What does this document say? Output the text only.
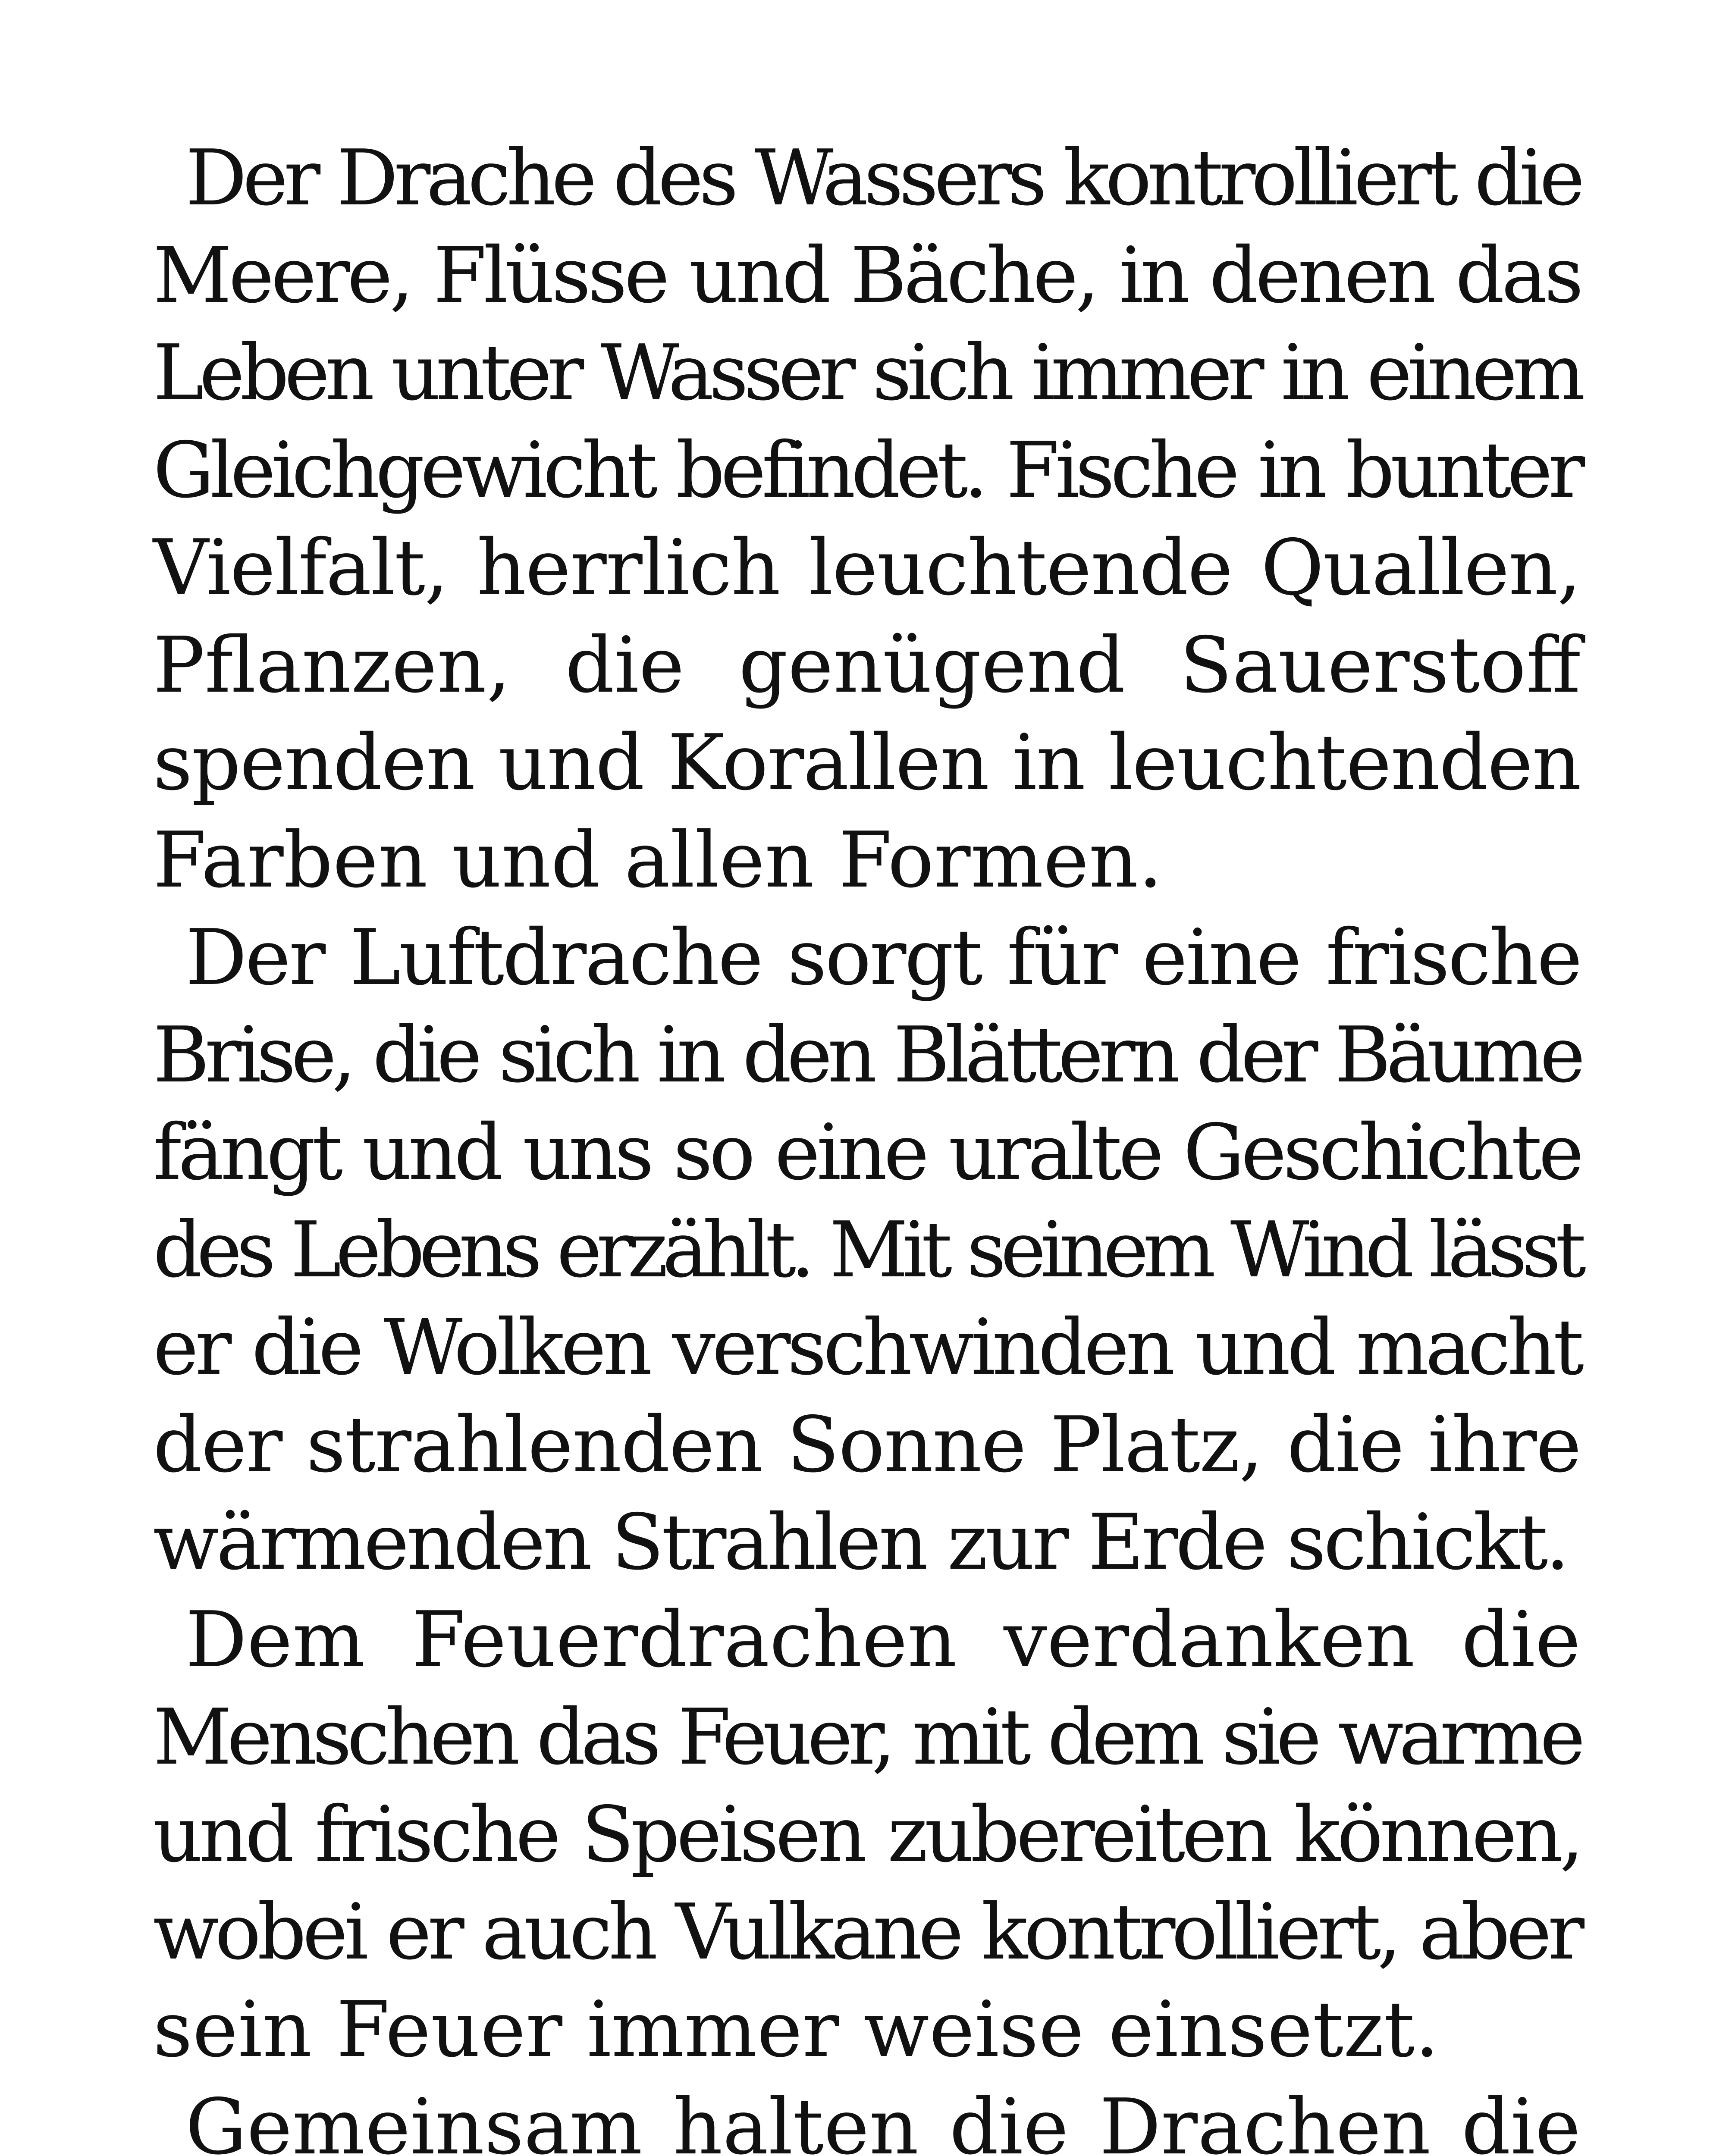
Der Drache des Wassers kontrolliert die
Meere, Flüsse und Bäche, in denen das
Leben unter Wasser sich immer in einem
Gleichgewicht befindet. Fische in bunter
Vielfalt, herrlich leuchtende Quallen,
Pflanzen, die genügend Sauerstoff
spenden und Korallen in leuchtenden
Farben und allen Formen.
Der Luftdrache sorgt für eine frische
Brise, die sich in den Blättern der Bäume
fängt und uns so eine uralte Geschichte
des Lebens erzählt. Mit seinem Wind lässt
er die Wolken verschwinden und macht
der strahlenden Sonne Platz, die ihre
wärmenden Strahlen zur Erde schickt.
Dem Feuerdrachen verdanken die
Menschen das Feuer, mit dem sie warme
und frische Speisen zubereiten können,
wobei er auch Vulkane kontrolliert, aber
sein Feuer immer weise einsetzt.
Gemeinsam halten die Drachen die
